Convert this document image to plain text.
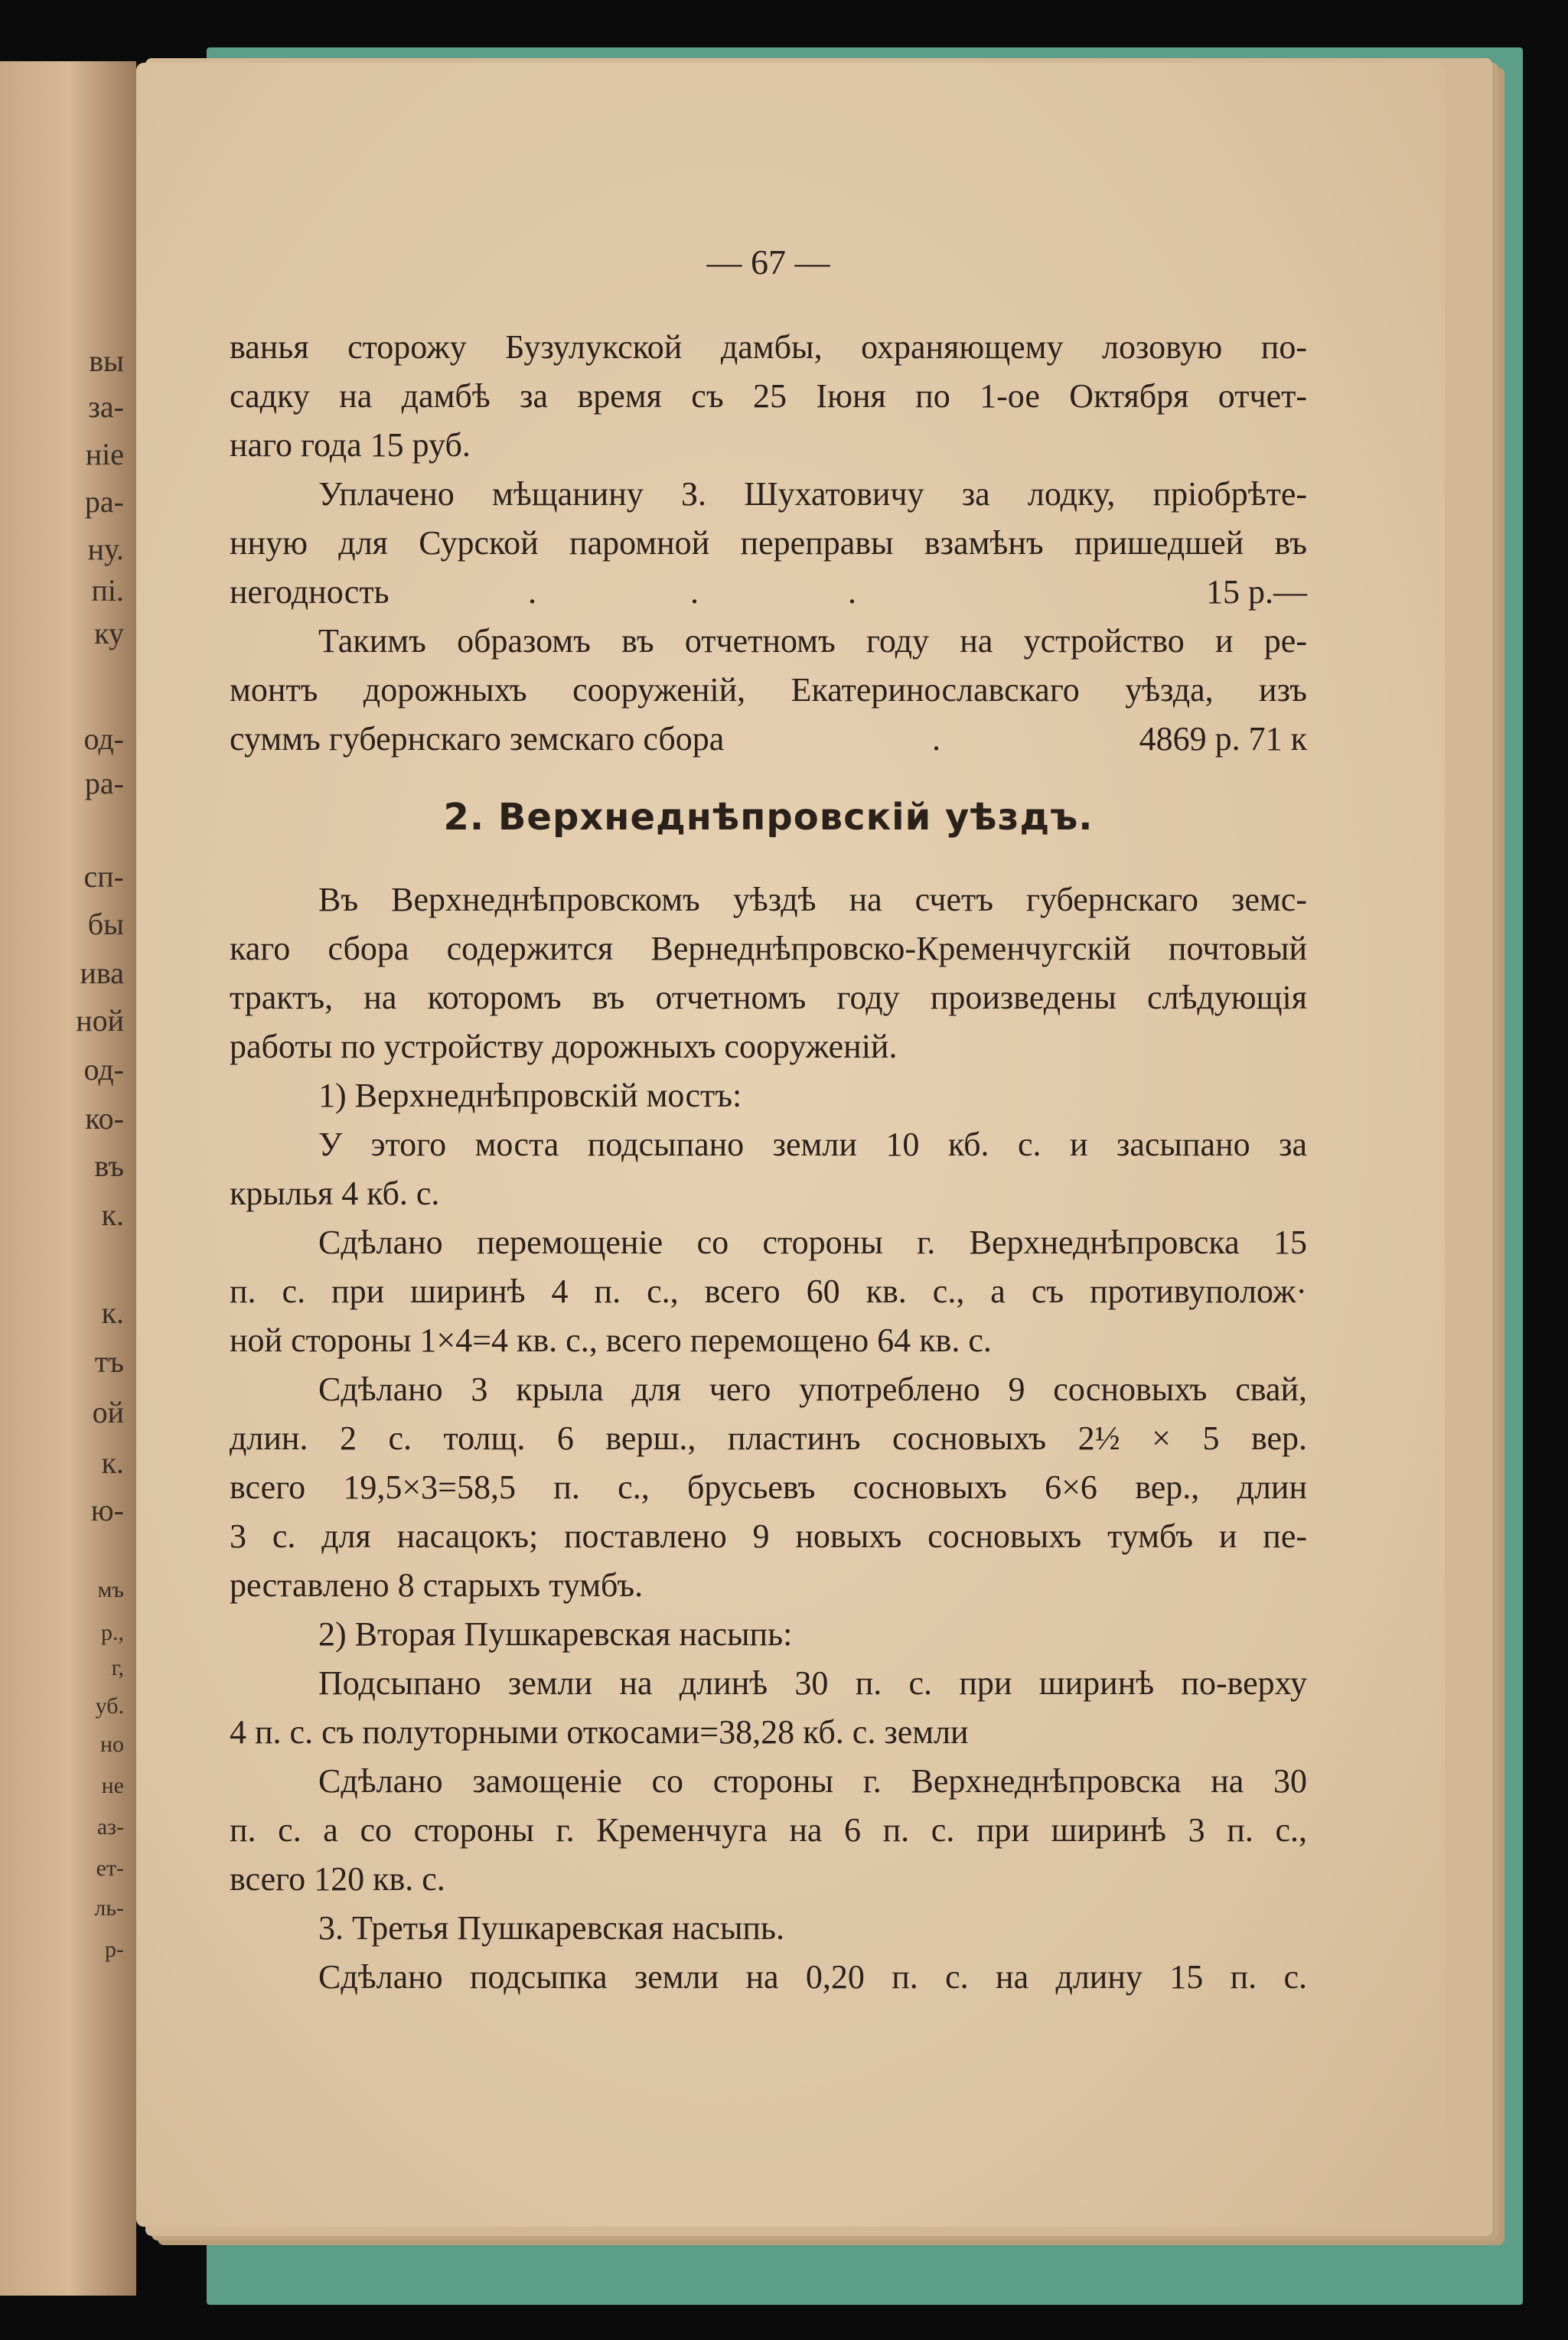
вы
за-
ніе
ра-
ну.
пі.
ку
од-
ра-
сп-
бы
ива
ной
од-
ко-
въ
к.
к.
тъ
ой
к.
ю-
мъ
р.,
г,
уб.
но
не
аз-
ет-
ль-
р-
— 67 —
ванья сторожу Бузулукской дамбы, охраняющему лозовую по-
садку на дамбѣ за время съ 25 Іюня по 1-ое Октября отчет-
наго года 15 руб.
Уплачено мѣщанину З. Шухатовичу за лодку, пріобрѣте-
нную для Сурской паромной переправы взамѣнъ пришедшей въ
негодность	.	.	.	15 р.—
Такимъ образомъ въ отчетномъ году на устройство и ре-
монтъ дорожныхъ сооруженій, Екатеринославскаго уѣзда, изъ
суммъ губернскаго земскаго сбора	.	4869 р. 71 к
2. Верхнеднѣпровскій уѣздъ.
Въ Верхнеднѣпровскомъ уѣздѣ на счетъ губернскаго земс-
каго сбора содержится Вернеднѣпровско-Кременчугскій почтовый
трактъ, на которомъ въ отчетномъ году произведены слѣдующія
работы по устройству дорожныхъ сооруженій.
1) Верхнеднѣпровскій мостъ:
У этого моста подсыпано земли 10 кб. с. и засыпано за
крылья 4 кб. с.
Сдѣлано перемощеніе со стороны г. Верхнеднѣпровска 15
п. с. при ширинѣ 4 п. с., всего 60 кв. с., а съ противуполож·
ной стороны 1×4=4 кв. с., всего перемощено 64 кв. с.
Сдѣлано 3 крыла для чего употреблено 9 сосновыхъ свай,
длин. 2 с. толщ. 6 верш., пластинъ сосновыхъ 2½ × 5 вер.
всего 19,5×3=58,5 п. с., брусьевъ сосновыхъ 6×6 вер., длин
3 с. для насацокъ; поставлено 9 новыхъ сосновыхъ тумбъ и пе-
реставлено 8 старыхъ тумбъ.
2) Вторая Пушкаревская насыпь:
Подсыпано земли на длинѣ 30 п. с. при ширинѣ по-верху
4 п. с. съ полуторными откосами=38,28 кб. с. земли
Сдѣлано замощеніе со стороны г. Верхнеднѣпровска на 30
п. с. а со стороны г. Кременчуга на 6 п. с. при ширинѣ 3 п. с.,
всего 120 кв. с.
3. Третья Пушкаревская насыпь.
Сдѣлано подсыпка земли на 0,20 п. с. на длину 15 п. с.
